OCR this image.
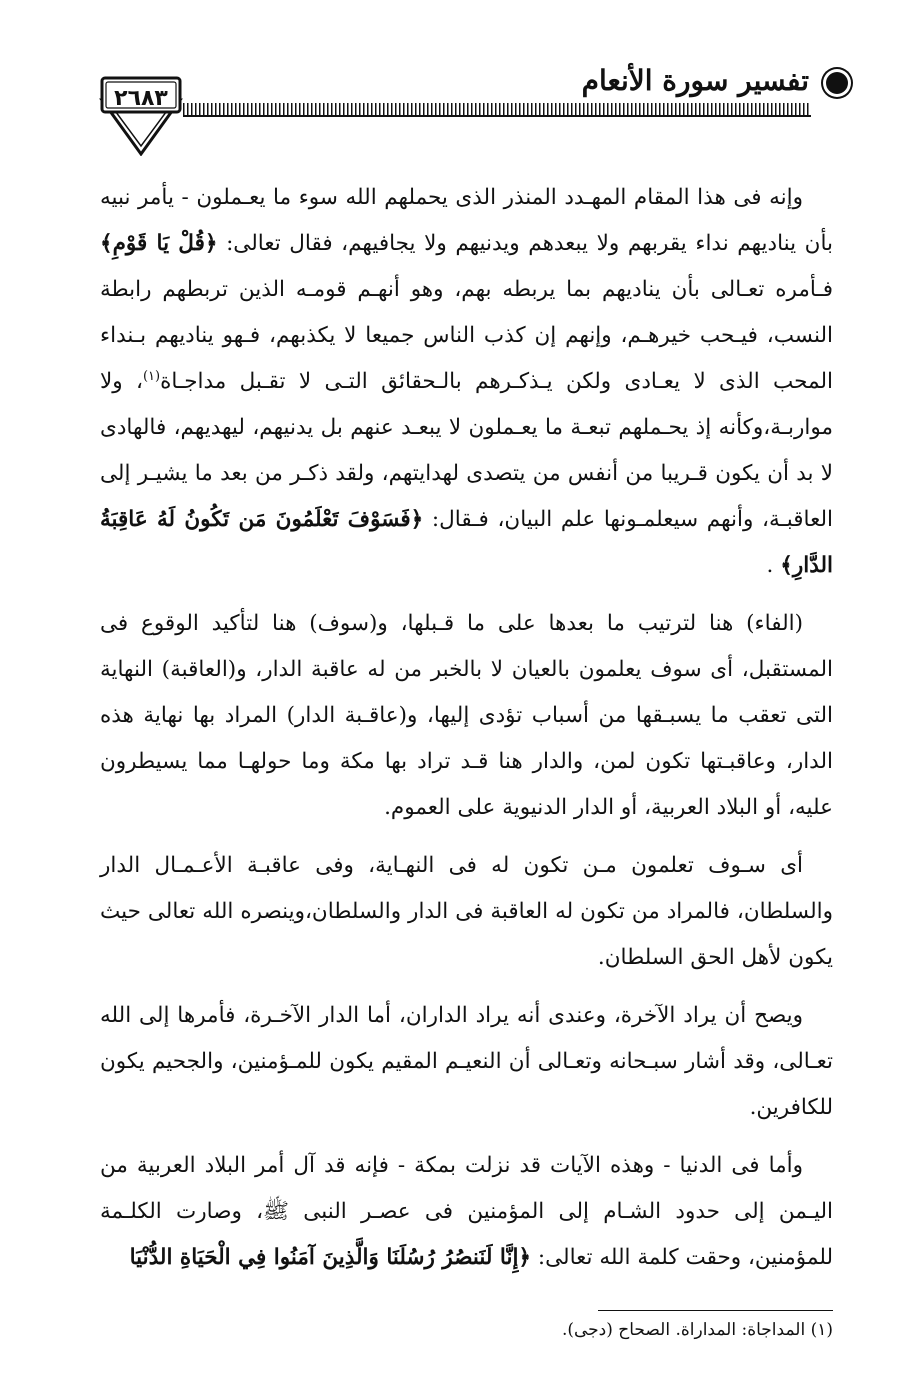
تفسير سورة الأنعام
٢٦٨٣

وإنه فى هذا المقام المهـدد المنذر الذى يحملهم الله سوء ما يعـملون - يأمر نبيه بأن يناديهم نداء يقربهم ولا يبعدهم ويدنيهم ولا يجافيهم، فقال تعالى: ﴿قُلْ يَا قَوْمِ﴾ فـأمره تعـالى بأن يناديهم بما يربطه بهم، وهو أنهـم قومـه الذين تربطهم رابطة النسب، فيـحب خيرهـم، وإنهم إن كذب الناس جميعا لا يكذبهم، فـهو يناديهم بـنداء المحب الذى لا يعـادى ولكن يـذكـرهم بالـحقائق التـى لا تقـبل مداجـاة$^{(١)}$، ولا مواربـة،وكأنه إذ يحـملهم تبعـة ما يعـملون لا يبعـد عنهم بل يدنيهم، ليهديهم، فالهادى لا بد أن يكون قـريبا من أنفس من يتصدى لهدايتهم، ولقد ذكـر من بعد ما يشيـر إلى العاقبـة، وأنهم سيعلمـونها علم البيان، فـقال: ﴿فَسَوْفَ تَعْلَمُونَ مَن تَكُونُ لَهُ عَاقِبَةُ الدَّارِ﴾ .

(الفاء) هنا لترتيب ما بعدها على ما قـبلها، و(سوف) هنا لتأكيد الوقوع فى المستقبل، أى سوف يعلمون بالعيان لا بالخبر من له عاقبة الدار، و(العاقبة) النهاية التى تعقب ما يسبـقها من أسباب تؤدى إليها، و(عاقـبة الدار) المراد بها نهاية هذه الدار، وعاقبـتها تكون لمن، والدار هنا قـد تراد بها مكة وما حولهـا مما يسيطرون عليه، أو البلاد العربية، أو الدار الدنيوية على العموم.

أى سـوف تعلمون مـن تكون له فى النهـاية، وفى عاقبـة الأعـمـال الدار والسلطان، فالمراد من تكون له العاقبة فى الدار والسلطان،وينصره الله تعالى حيث يكون لأهل الحق السلطان.

ويصح أن يراد الآخرة، وعندى أنه يراد الداران، أما الدار الآخـرة، فأمرها إلى الله تعـالى، وقد أشار سبـحانه وتعـالى أن النعيـم المقيم يكون للمـؤمنين، والجحيم يكون للكافرين.

وأما فى الدنيا - وهذه الآيات قد نزلت بمكة - فإنه قد آل أمر البلاد العربية من اليـمن إلى حدود الشـام إلى المؤمنين فى عصـر النبى ﷺ، وصارت الكلـمة للمؤمنين، وحقت كلمة الله تعالى: ﴿إِنَّا لَنَنصُرُ رُسُلَنَا وَالَّذِينَ آمَنُوا فِي الْحَيَاةِ الدُّنْيَا

(١) المداجاة: المداراة. الصحاح (دجى).
